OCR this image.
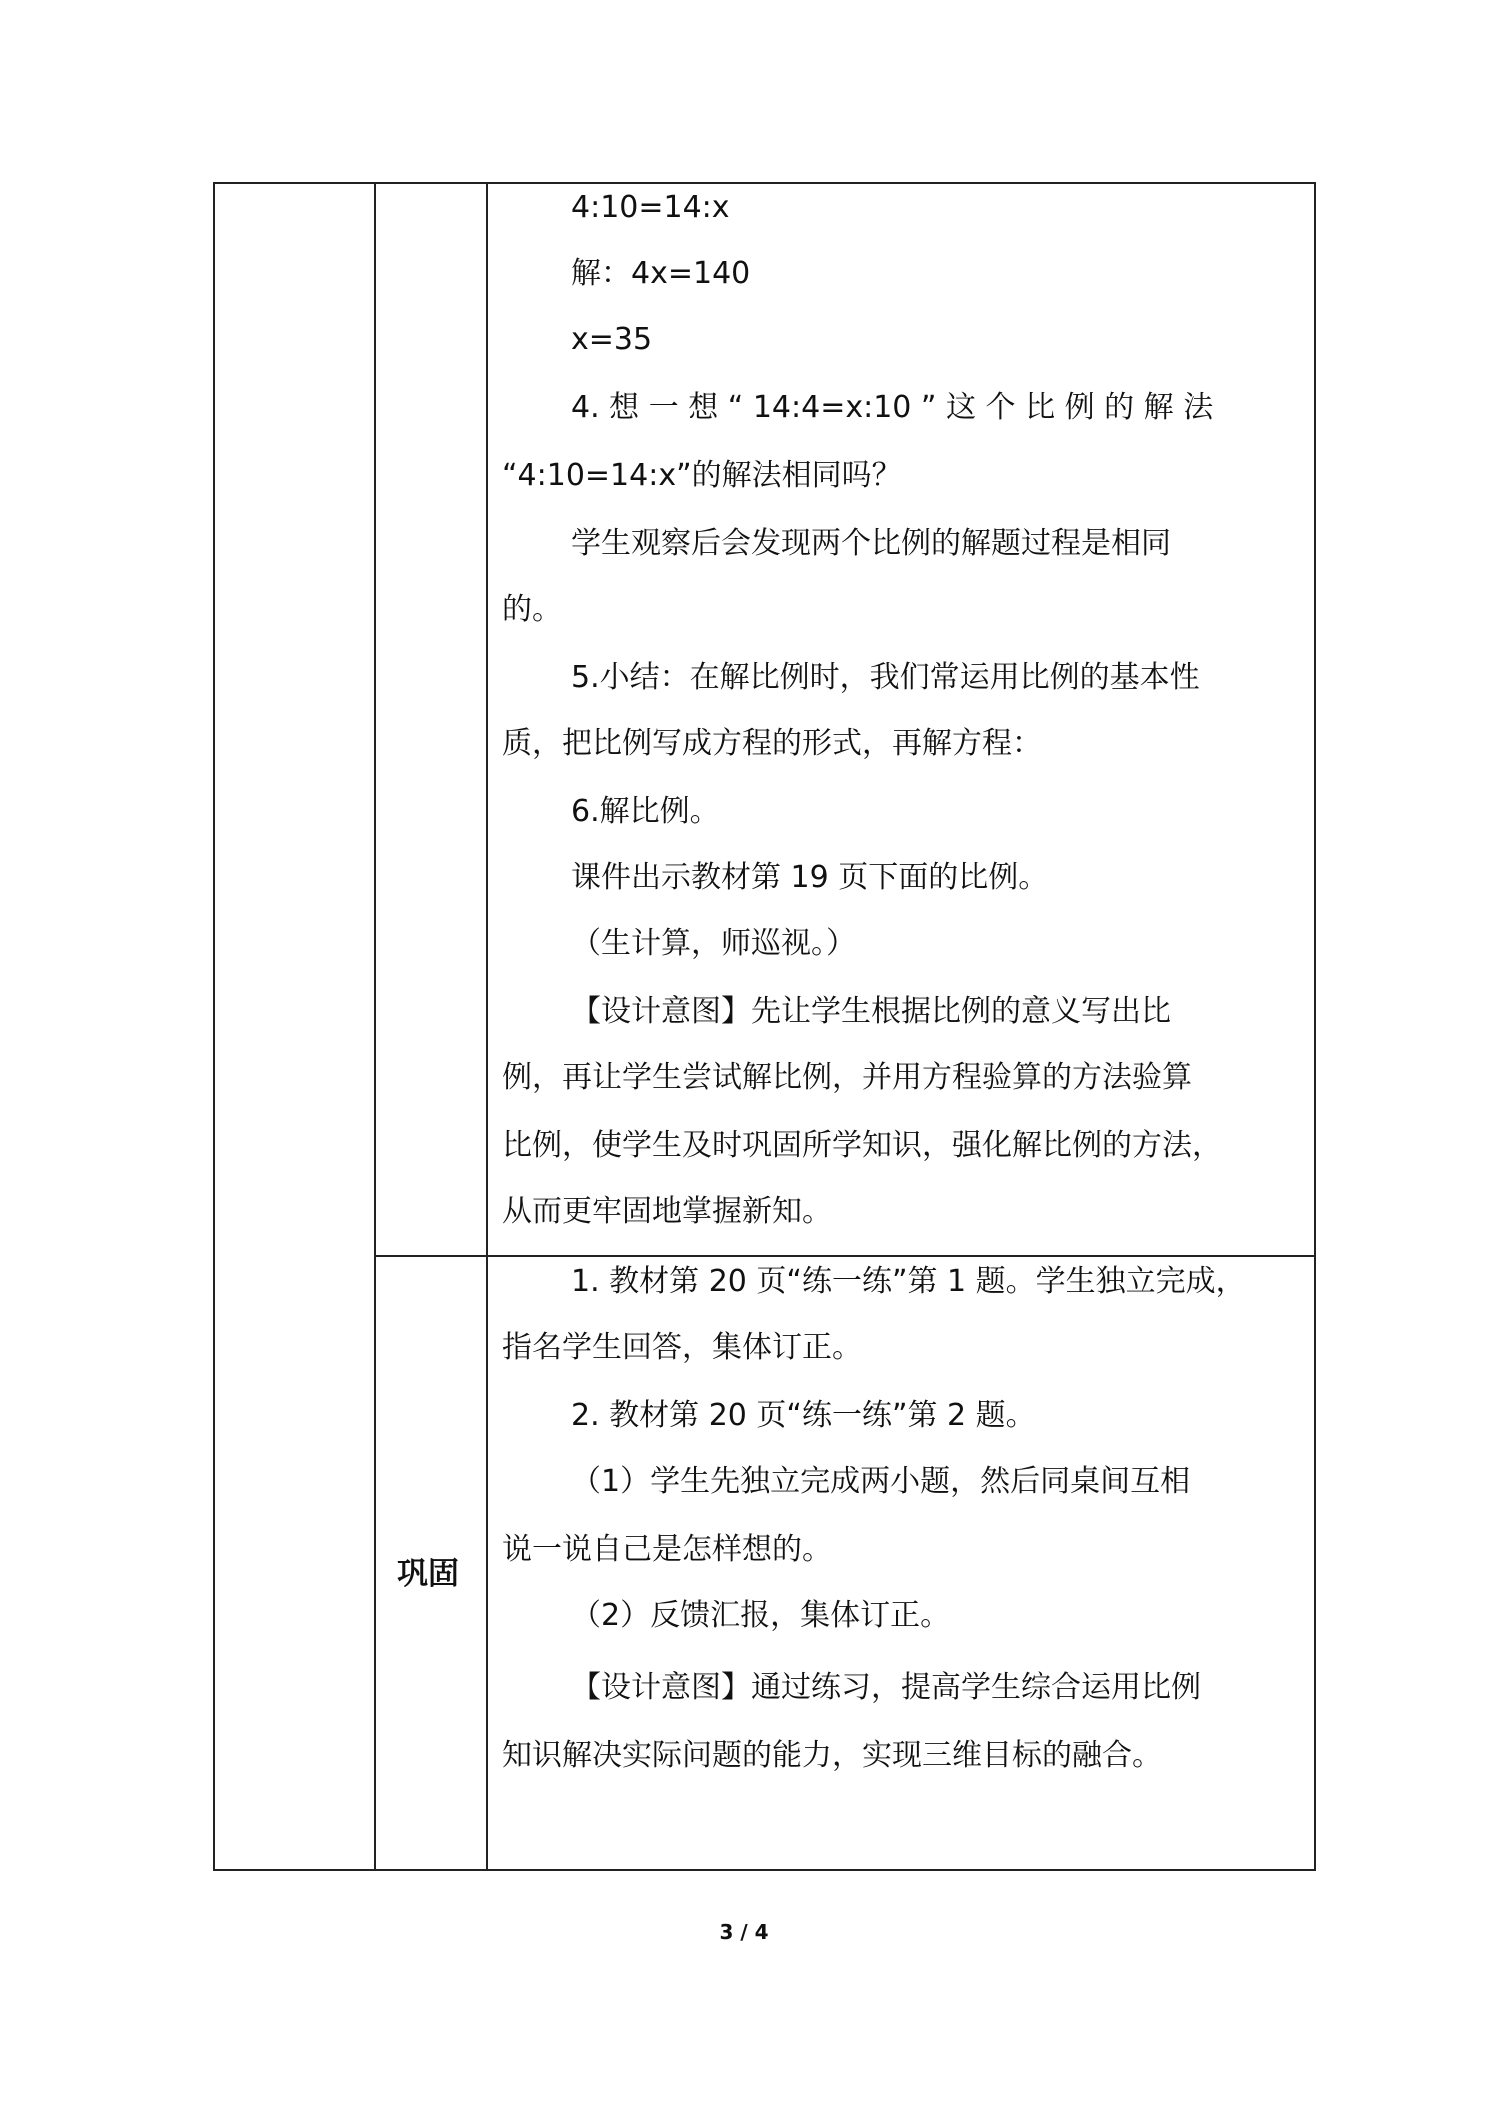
4:10=14:x
解：4x=140
x=35
4. 想 一 想 “ 14:4=x:10 ” 这 个 比 例 的 解 法
“4:10=14:x”的解法相同吗？
学生观察后会发现两个比例的解题过程是相同
的。
5.小结：在解比例时，我们常运用比例的基本性
质，把比例写成方程的形式，再解方程：
6.解比例。
课件出示教材第 19 页下面的比例。
（生计算，师巡视。）
【设计意图】先让学生根据比例的意义写出比
例，再让学生尝试解比例，并用方程验算的方法验算
比例，使学生及时巩固所学知识，强化解比例的方法，
从而更牢固地掌握新知。
巩固
1. 教材第 20 页“练一练”第 1 题。学生独立完成，
指名学生回答，集体订正。
2. 教材第 20 页“练一练”第 2 题。
（1）学生先独立完成两小题，然后同桌间互相
说一说自己是怎样想的。
（2）反馈汇报，集体订正。
【设计意图】通过练习，提高学生综合运用比例
知识解决实际问题的能力，实现三维目标的融合。
3 / 4
